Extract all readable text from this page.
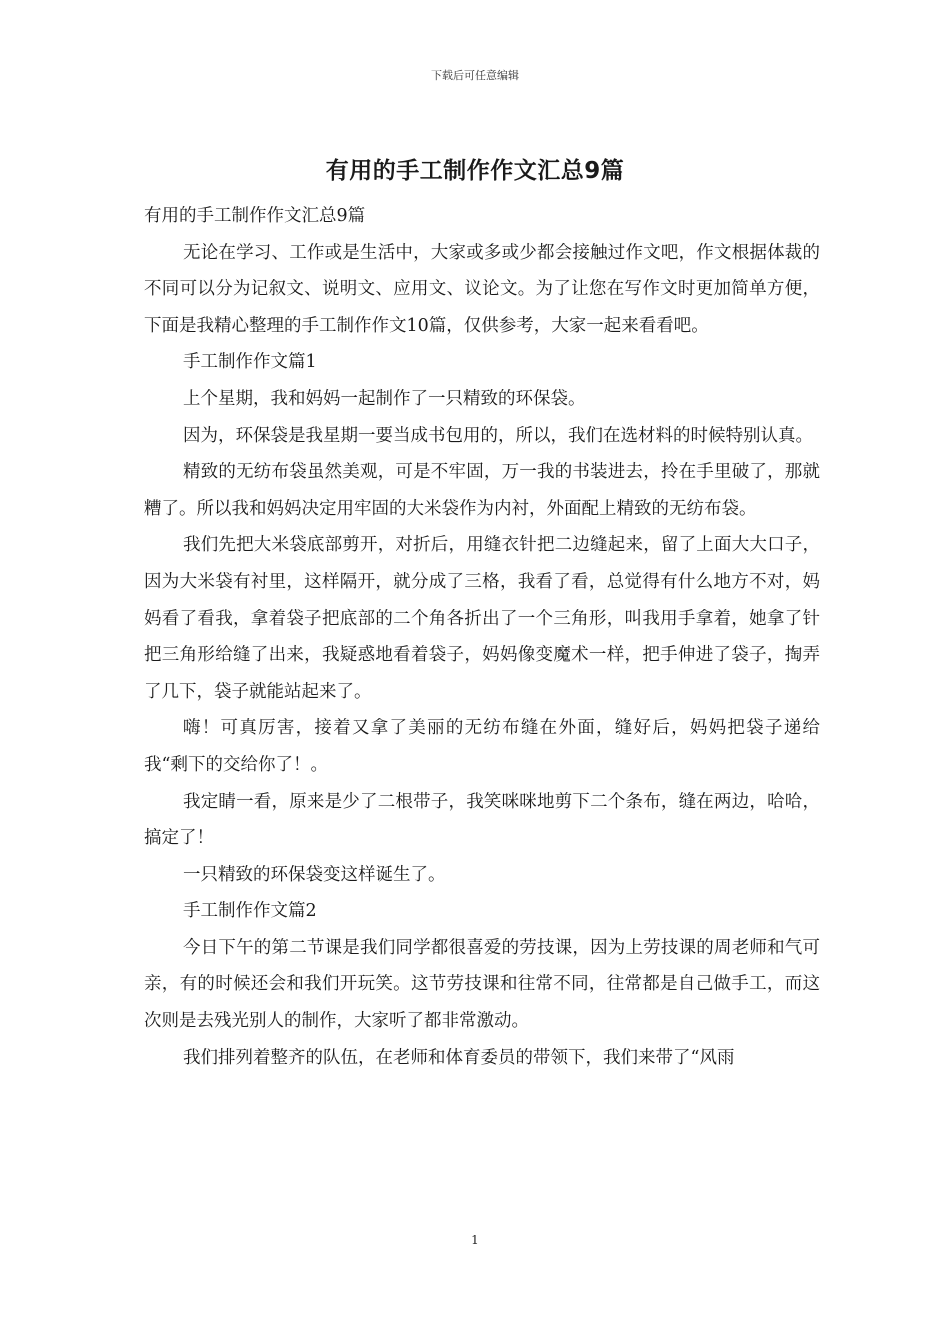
下载后可任意编辑
有用的手工制作作文汇总9篇

有用的手工制作作文汇总9篇

无论在学习、工作或是生活中，大家或多或少都会接触过作文吧，作文根据体裁的不同可以分为记叙文、说明文、应用文、议论文。为了让您在写作文时更加简单方便，下面是我精心整理的手工制作作文10篇，仅供参考，大家一起来看看吧。

手工制作作文篇1

上个星期，我和妈妈一起制作了一只精致的环保袋。

因为，环保袋是我星期一要当成书包用的，所以，我们在选材料的时候特别认真。

精致的无纺布袋虽然美观，可是不牢固，万一我的书装进去，拎在手里破了，那就糟了。所以我和妈妈决定用牢固的大米袋作为内衬，外面配上精致的无纺布袋。

我们先把大米袋底部剪开，对折后，用缝衣针把二边缝起来，留了上面大大口子，因为大米袋有衬里，这样隔开，就分成了三格，我看了看，总觉得有什么地方不对，妈妈看了看我，拿着袋子把底部的二个角各折出了一个三角形，叫我用手拿着，她拿了针把三角形给缝了出来，我疑惑地看着袋子，妈妈像变魔术一样，把手伸进了袋子，掏弄了几下，袋子就能站起来了。

嗨！可真厉害，接着又拿了美丽的无纺布缝在外面，缝好后，妈妈把袋子递给我“剩下的交给你了！。

我定睛一看，原来是少了二根带子，我笑咪咪地剪下二个条布，缝在两边，哈哈，搞定了！

一只精致的环保袋变这样诞生了。

手工制作作文篇2

今日下午的第二节课是我们同学都很喜爱的劳技课，因为上劳技课的周老师和气可亲，有的时候还会和我们开玩笑。这节劳技课和往常不同，往常都是自己做手工，而这次则是去残光别人的制作，大家听了都非常激动。

我们排列着整齐的队伍，在老师和体育委员的带领下，我们来带了“风雨

1
